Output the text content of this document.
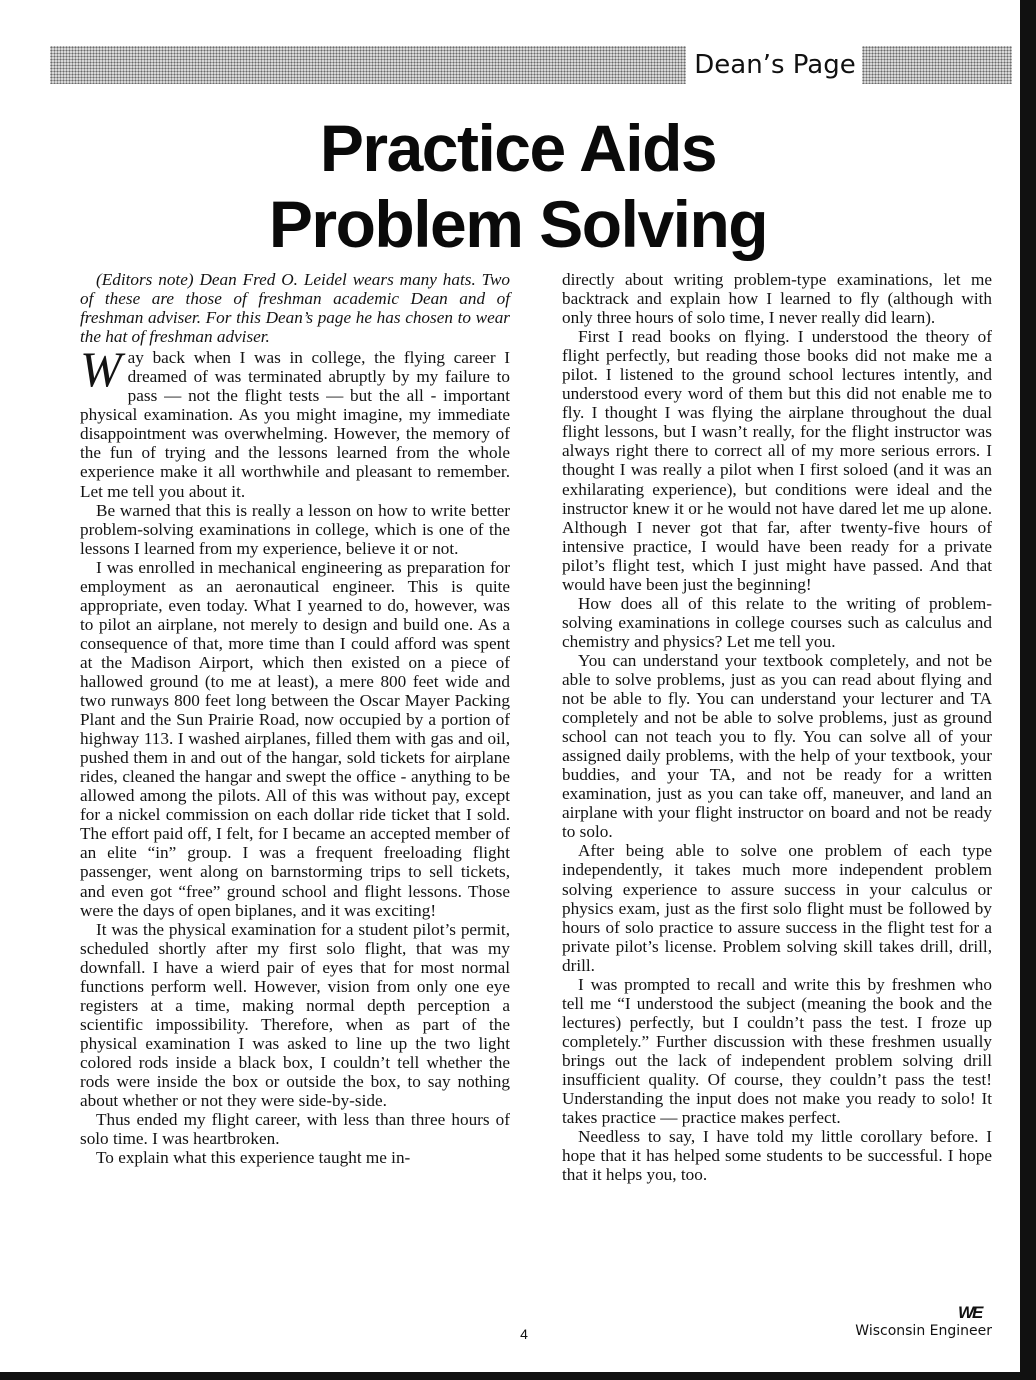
Dean’s Page
Practice Aids
Problem Solving

(Editors note) Dean Fred O. Leidel wears many hats. Two of these are those of freshman academic Dean and of freshman adviser. For this Dean’s page he has chosen to wear the hat of freshman adviser.

Way back when I was in college, the flying career I dreamed of was terminated abruptly by my failure to pass — not the flight tests — but the all - important physical examination. As you might imagine, my immediate disappointment was overwhelming. However, the memory of the fun of trying and the lessons learned from the whole experience make it all worthwhile and pleasant to remember. Let me tell you about it.

Be warned that this is really a lesson on how to write better problem-solving examinations in college, which is one of the lessons I learned from my experience, believe it or not.

I was enrolled in mechanical engineering as preparation for employment as an aeronautical engineer. This is quite appropriate, even today. What I yearned to do, however, was to pilot an airplane, not merely to design and build one. As a consequence of that, more time than I could afford was spent at the Madison Airport, which then existed on a piece of hallowed ground (to me at least), a mere 800 feet wide and two runways 800 feet long between the Oscar Mayer Packing Plant and the Sun Prairie Road, now occupied by a portion of highway 113. I washed airplanes, filled them with gas and oil, pushed them in and out of the hangar, sold tickets for airplane rides, cleaned the hangar and swept the office - anything to be allowed among the pilots. All of this was without pay, except for a nickel commission on each dollar ride ticket that I sold. The effort paid off, I felt, for I became an accepted member of an elite “in” group. I was a frequent freeloading flight passenger, went along on barnstorming trips to sell tickets, and even got “free” ground school and flight lessons. Those were the days of open biplanes, and it was exciting!

It was the physical examination for a student pilot’s permit, scheduled shortly after my first solo flight, that was my downfall. I have a wierd pair of eyes that for most normal functions perform well. However, vision from only one eye registers at a time, making normal depth perception a scientific impossibility. Therefore, when as part of the physical examination I was asked to line up the two light colored rods inside a black box, I couldn’t tell whether the rods were inside the box or outside the box, to say nothing about whether or not they were side-by-side.

Thus ended my flight career, with less than three hours of solo time. I was heartbroken.

To explain what this experience taught me in-

directly about writing problem-type examinations, let me backtrack and explain how I learned to fly (although with only three hours of solo time, I never really did learn).

First I read books on flying. I understood the theory of flight perfectly, but reading those books did not make me a pilot. I listened to the ground school lectures intently, and understood every word of them but this did not enable me to fly. I thought I was flying the airplane throughout the dual flight lessons, but I wasn’t really, for the flight instructor was always right there to correct all of my more serious errors. I thought I was really a pilot when I first soloed (and it was an exhilarating experience), but conditions were ideal and the instructor knew it or he would not have dared let me up alone. Although I never got that far, after twenty-five hours of intensive practice, I would have been ready for a private pilot’s flight test, which I just might have passed. And that would have been just the beginning!

How does all of this relate to the writing of problem-solving examinations in college courses such as calculus and chemistry and physics? Let me tell you.

You can understand your textbook completely, and not be able to solve problems, just as you can read about flying and not be able to fly. You can understand your lecturer and TA completely and not be able to solve problems, just as ground school can not teach you to fly. You can solve all of your assigned daily problems, with the help of your textbook, your buddies, and your TA, and not be ready for a written examination, just as you can take off, maneuver, and land an airplane with your flight instructor on board and not be ready to solo.

After being able to solve one problem of each type independently, it takes much more independent problem solving experience to assure success in your calculus or physics exam, just as the first solo flight must be followed by hours of solo practice to assure success in the flight test for a private pilot’s license. Problem solving skill takes drill, drill, drill.

I was prompted to recall and write this by freshmen who tell me “I understood the subject (meaning the book and the lectures) perfectly, but I couldn’t pass the test. I froze up completely.” Further discussion with these freshmen usually brings out the lack of independent problem solving drill insufficient quality. Of course, they couldn’t pass the test! Understanding the input does not make you ready to solo! It takes practice — practice makes perfect.

Needless to say, I have told my little corollary before. I hope that it has helped some students to be successful. I hope that it helps you, too.

WE
4	Wisconsin Engineer
